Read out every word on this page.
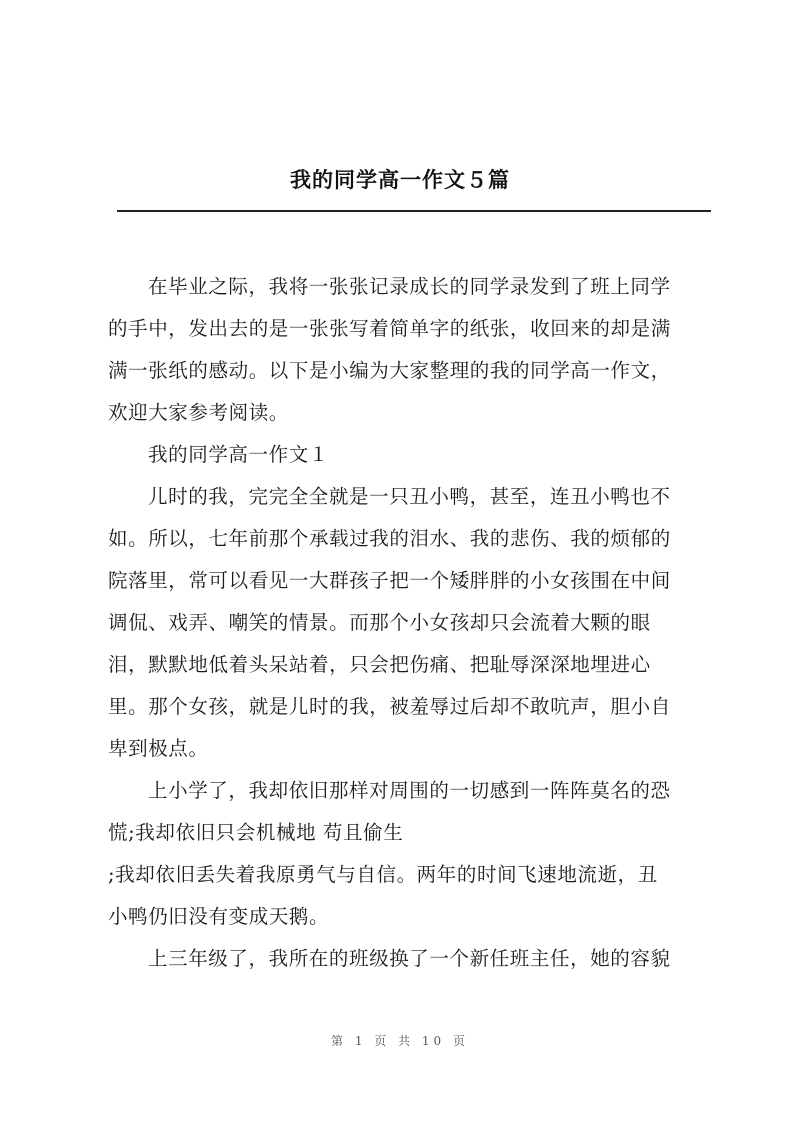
我的同学高一作文５篇
在毕业之际，我将一张张记录成长的同学录发到了班上同学
的手中，发出去的是一张张写着简单字的纸张，收回来的却是满
满一张纸的感动。以下是小编为大家整理的我的同学高一作文，
欢迎大家参考阅读。
我的同学高一作文１
儿时的我，完完全全就是一只丑小鸭，甚至，连丑小鸭也不
如。所以，七年前那个承载过我的泪水、我的悲伤、我的烦郁的
院落里，常可以看见一大群孩子把一个矮胖胖的小女孩围在中间
调侃、戏弄、嘲笑的情景。而那个小女孩却只会流着大颗的眼
泪，默默地低着头呆站着，只会把伤痛、把耻辱深深地埋进心
里。那个女孩，就是儿时的我，被羞辱过后却不敢吭声，胆小自
卑到极点。
上小学了，我却依旧那样对周围的一切感到一阵阵莫名的恐
慌;我却依旧只会机械地 苟且偷生
;我却依旧丢失着我原勇气与自信。两年的时间飞速地流逝，丑
小鸭仍旧没有变成天鹅。
上三年级了，我所在的班级换了一个新任班主任，她的容貌
第 1 页 共 10 页
